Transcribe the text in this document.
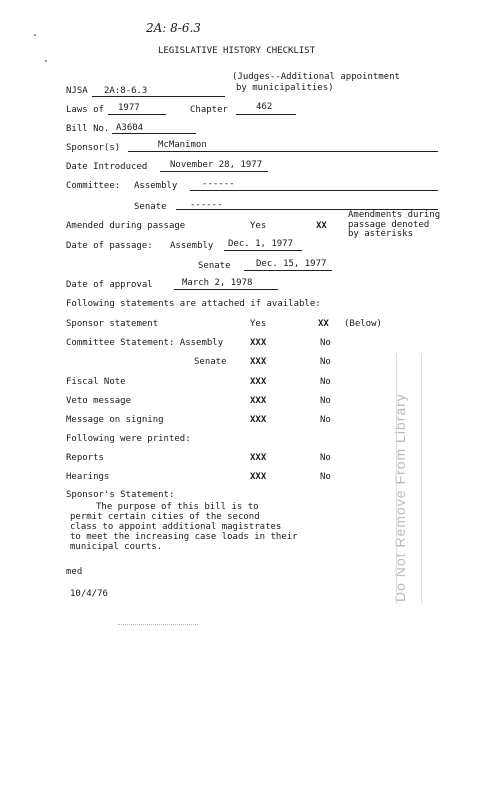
2A: 8-6.3
LEGISLATIVE HISTORY CHECKLIST
NJSA 2A:8-6.3
(Judges--Additional appointment
by municipalities)
Laws of 1977	Chapter	462
Bill No. A3604
Sponsor(s)	McManimon
Date Introduced	November 28, 1977
Committee: Assembly	------
Senate	------
Amended during passage	Yes	XX
Amendments during
passage denoted
by asterisks
Date of passage: Assembly Dec. 1, 1977
Senate	Dec. 15, 1977
Date of approval	March 2, 1978
Following statements are attached if available:
Sponsor statement	Yes	XX (Below)
Committee Statement: Assembly	XXX	No
Senate	XXX	No
Fiscal Note	XXX	No
Veto message	XXX	No
Message on signing	XXX	No
Following were printed:
Reports	XXX	No
Hearings	XXX	No
Sponsor's Statement:
The purpose of this bill is to
permit certain cities of the second
class to appoint additional magistrates
to meet the increasing case loads in their
municipal courts.
med
10/4/76	Do Not Remove From Library
